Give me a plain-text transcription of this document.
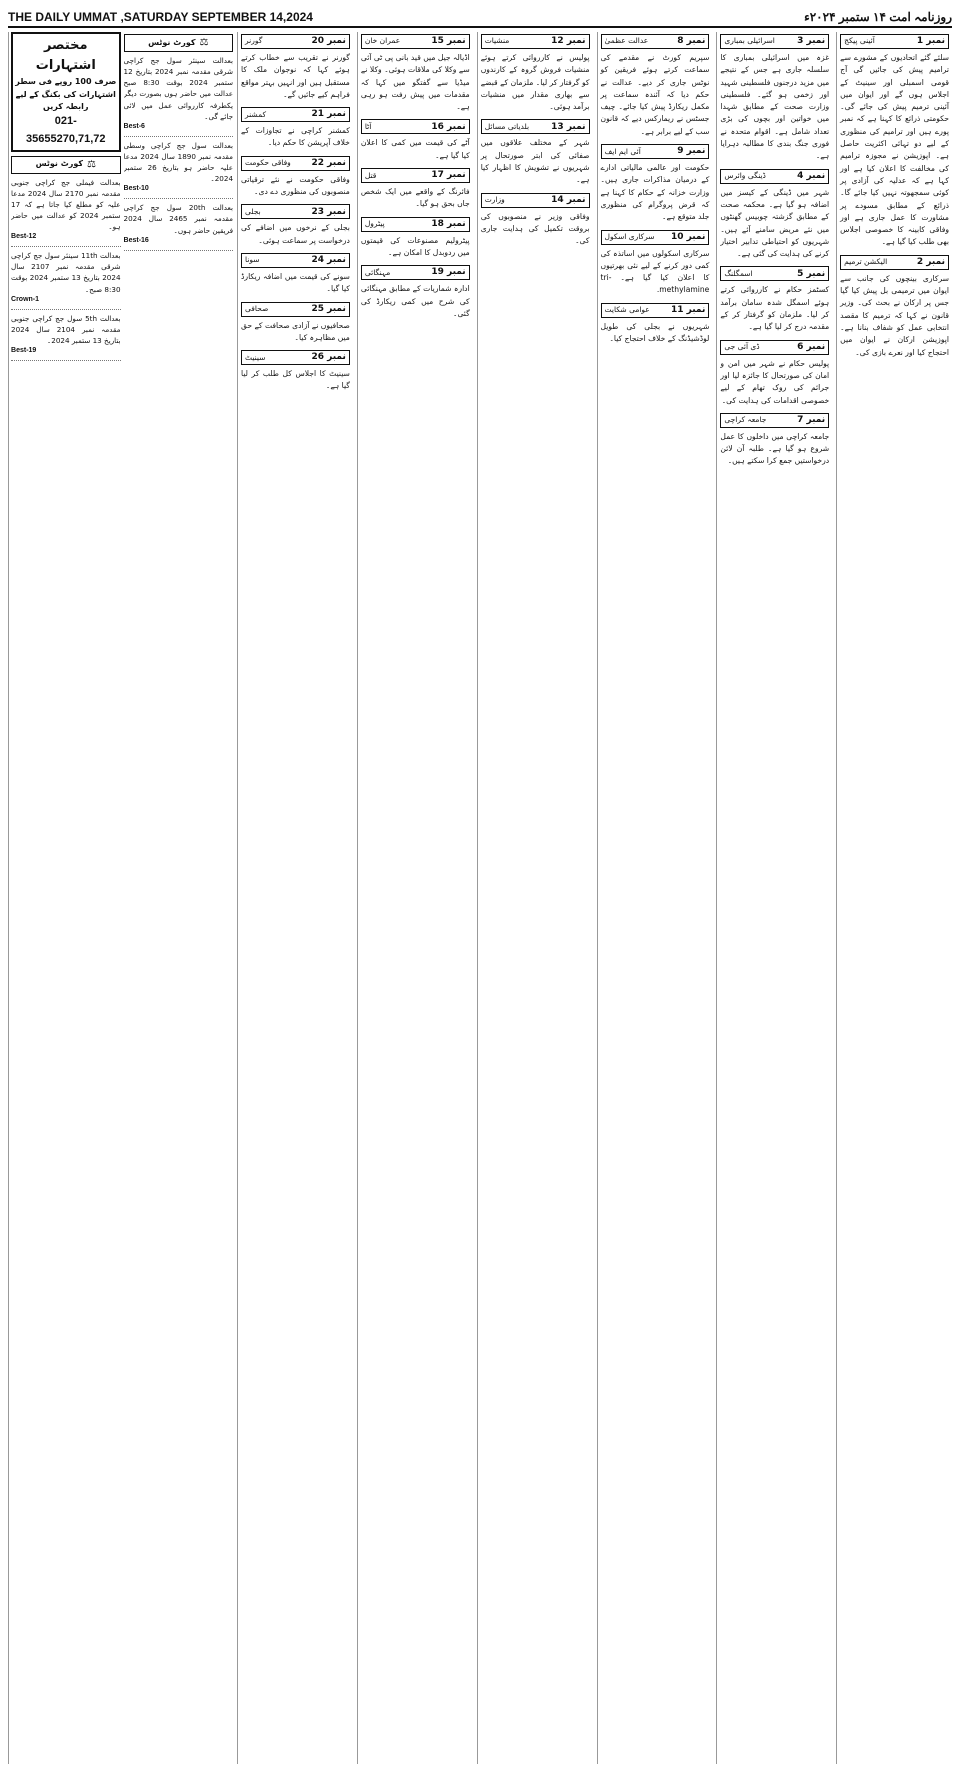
THE DAILY UMMAT ,SATURDAY SEPTEMBER 14,2024	روزنامہ امت ۱۴ ستمبر ۲۰۲۴ء
نمبر 1
آئینی پیکج
سلئے گئے اتحادیوں کے مشورے سے ترامیم پیش کی جائیں گی آج قومی اسمبلی اور سینیٹ کے اجلاس ہوں گے اور ایوان میں آئینی ترمیم پیش کی جائے گی۔ حکومتی ذرائع کا کہنا ہے کہ نمبر پورے ہیں اور ترامیم کی منظوری کے لیے دو تہائی اکثریت حاصل ہے۔ اپوزیشن نے مجوزہ ترامیم کی مخالفت کا اعلان کیا ہے اور کہا ہے کہ عدلیہ کی آزادی پر کوئی سمجھوتہ نہیں کیا جائے گا۔ ذرائع کے مطابق مسودے پر مشاورت کا عمل جاری ہے اور وفاقی کابینہ کا خصوصی اجلاس بھی طلب کیا گیا ہے۔
نمبر 2
الیکشن ترمیم
سرکاری بینچوں کی جانب سے ایوان میں ترمیمی بل پیش کیا گیا جس پر ارکان نے بحث کی۔ وزیر قانون نے کہا کہ ترمیم کا مقصد انتخابی عمل کو شفاف بنانا ہے۔ اپوزیشن ارکان نے ایوان میں احتجاج کیا اور نعرے بازی کی۔
نمبر 3
اسرائیلی بمباری
غزہ میں اسرائیلی بمباری کا سلسلہ جاری ہے جس کے نتیجے میں مزید درجنوں فلسطینی شہید اور زخمی ہو گئے۔ فلسطینی وزارت صحت کے مطابق شہدا میں خواتین اور بچوں کی بڑی تعداد شامل ہے۔ اقوام متحدہ نے فوری جنگ بندی کا مطالبہ دہرایا ہے۔
نمبر 4
ڈینگی وائرس
شہر میں ڈینگی کے کیسز میں اضافہ ہو گیا ہے۔ محکمہ صحت کے مطابق گزشتہ چوبیس گھنٹوں میں نئے مریض سامنے آئے ہیں۔ شہریوں کو احتیاطی تدابیر اختیار کرنے کی ہدایت کی گئی ہے۔
نمبر 5
اسمگلنگ
کسٹمز حکام نے کارروائی کرتے ہوئے اسمگل شدہ سامان برآمد کر لیا۔ ملزمان کو گرفتار کر کے مقدمہ درج کر لیا گیا ہے۔
نمبر 6
ڈی آئی جی
پولیس حکام نے شہر میں امن و امان کی صورتحال کا جائزہ لیا اور جرائم کی روک تھام کے لیے خصوصی اقدامات کی ہدایت کی۔
نمبر 7
جامعہ کراچی
جامعہ کراچی میں داخلوں کا عمل شروع ہو گیا ہے۔ طلبہ آن لائن درخواستیں جمع کرا سکتے ہیں۔
نمبر 8
عدالت عظمیٰ
سپریم کورٹ نے مقدمے کی سماعت کرتے ہوئے فریقین کو نوٹس جاری کر دیے۔ عدالت نے حکم دیا کہ آئندہ سماعت پر مکمل ریکارڈ پیش کیا جائے۔ چیف جسٹس نے ریمارکس دیے کہ قانون سب کے لیے برابر ہے۔
نمبر 9
آئی ایم ایف
حکومت اور عالمی مالیاتی ادارے کے درمیان مذاکرات جاری ہیں۔ وزارت خزانہ کے حکام کا کہنا ہے کہ قرض پروگرام کی منظوری جلد متوقع ہے۔
نمبر 10
سرکاری اسکول
سرکاری اسکولوں میں اساتذہ کی کمی دور کرنے کے لیے نئی بھرتیوں کا اعلان کیا گیا ہے۔ tri-methylamine.
نمبر 11
عوامی شکایت
شہریوں نے بجلی کی طویل لوڈشیڈنگ کے خلاف احتجاج کیا۔
نمبر 12
منشیات
پولیس نے کارروائی کرتے ہوئے منشیات فروش گروہ کے کارندوں کو گرفتار کر لیا۔ ملزمان کے قبضے سے بھاری مقدار میں منشیات برآمد ہوئی۔
نمبر 13
بلدیاتی مسائل
شہر کے مختلف علاقوں میں صفائی کی ابتر صورتحال پر شہریوں نے تشویش کا اظہار کیا ہے۔
نمبر 14
وزارت
وفاقی وزیر نے منصوبوں کی بروقت تکمیل کی ہدایت جاری کی۔
نمبر 15
عمران خان
اڈیالہ جیل میں قید بانی پی ٹی آئی سے وکلا کی ملاقات ہوئی۔ وکلا نے میڈیا سے گفتگو میں کہا کہ مقدمات میں پیش رفت ہو رہی ہے۔
نمبر 16
آٹا
آٹے کی قیمت میں کمی کا اعلان کیا گیا ہے۔
نمبر 17
قتل
فائرنگ کے واقعے میں ایک شخص جاں بحق ہو گیا۔
نمبر 18
پیٹرول
پیٹرولیم مصنوعات کی قیمتوں میں ردوبدل کا امکان ہے۔
نمبر 19
مہنگائی
ادارہ شماریات کے مطابق مہنگائی کی شرح میں کمی ریکارڈ کی گئی۔
نمبر 20
گورنر
گورنر نے تقریب سے خطاب کرتے ہوئے کہا کہ نوجوان ملک کا مستقبل ہیں اور انہیں بہتر مواقع فراہم کیے جائیں گے۔
نمبر 21
کمشنر
کمشنر کراچی نے تجاوزات کے خلاف آپریشن کا حکم دیا۔
نمبر 22
وفاقی حکومت
وفاقی حکومت نے نئے ترقیاتی منصوبوں کی منظوری دے دی۔
نمبر 23
بجلی
بجلی کے نرخوں میں اضافے کی درخواست پر سماعت ہوئی۔
نمبر 24
سونا
سونے کی قیمت میں اضافہ ریکارڈ کیا گیا۔
نمبر 25
صحافی
صحافیوں نے آزادی صحافت کے حق میں مظاہرہ کیا۔
نمبر 26
سینیٹ
سینیٹ کا اجلاس کل طلب کر لیا گیا ہے۔
⚖
کورٹ نوٹس
بعدالت سینئر سول جج کراچی شرقی مقدمہ نمبر 2024 بتاریخ 12 ستمبر 2024 بوقت 8:30 صبح عدالت میں حاضر ہوں بصورت دیگر یکطرفہ کارروائی عمل میں لائی جائے گی۔
Best-6
بعدالت سول جج کراچی وسطی مقدمہ نمبر 1890 سال 2024 مدعا علیہ حاضر ہو بتاریخ 26 ستمبر 2024۔
Best-10
بعدالت 20th سول جج کراچی مقدمہ نمبر 2465 سال 2024 فریقین حاضر ہوں۔
Best-16
مختصر اشتہارات
صرف 100 روپے فی سطر
اشتہارات کی بکنگ کے لیے رابطہ کریں
021-35655270,71,72
⚖
کورٹ نوٹس
بعدالت فیملی جج کراچی جنوبی مقدمہ نمبر 2170 سال 2024 مدعا علیہ کو مطلع کیا جاتا ہے کہ 17 ستمبر 2024 کو عدالت میں حاضر ہو۔
Best-12
بعدالت 11th سینئر سول جج کراچی شرقی مقدمہ نمبر 2107 سال 2024 بتاریخ 13 ستمبر 2024 بوقت 8:30 صبح۔
Crown-1
بعدالت 5th سول جج کراچی جنوبی مقدمہ نمبر 2104 سال 2024 بتاریخ 13 ستمبر 2024۔
Best-19
